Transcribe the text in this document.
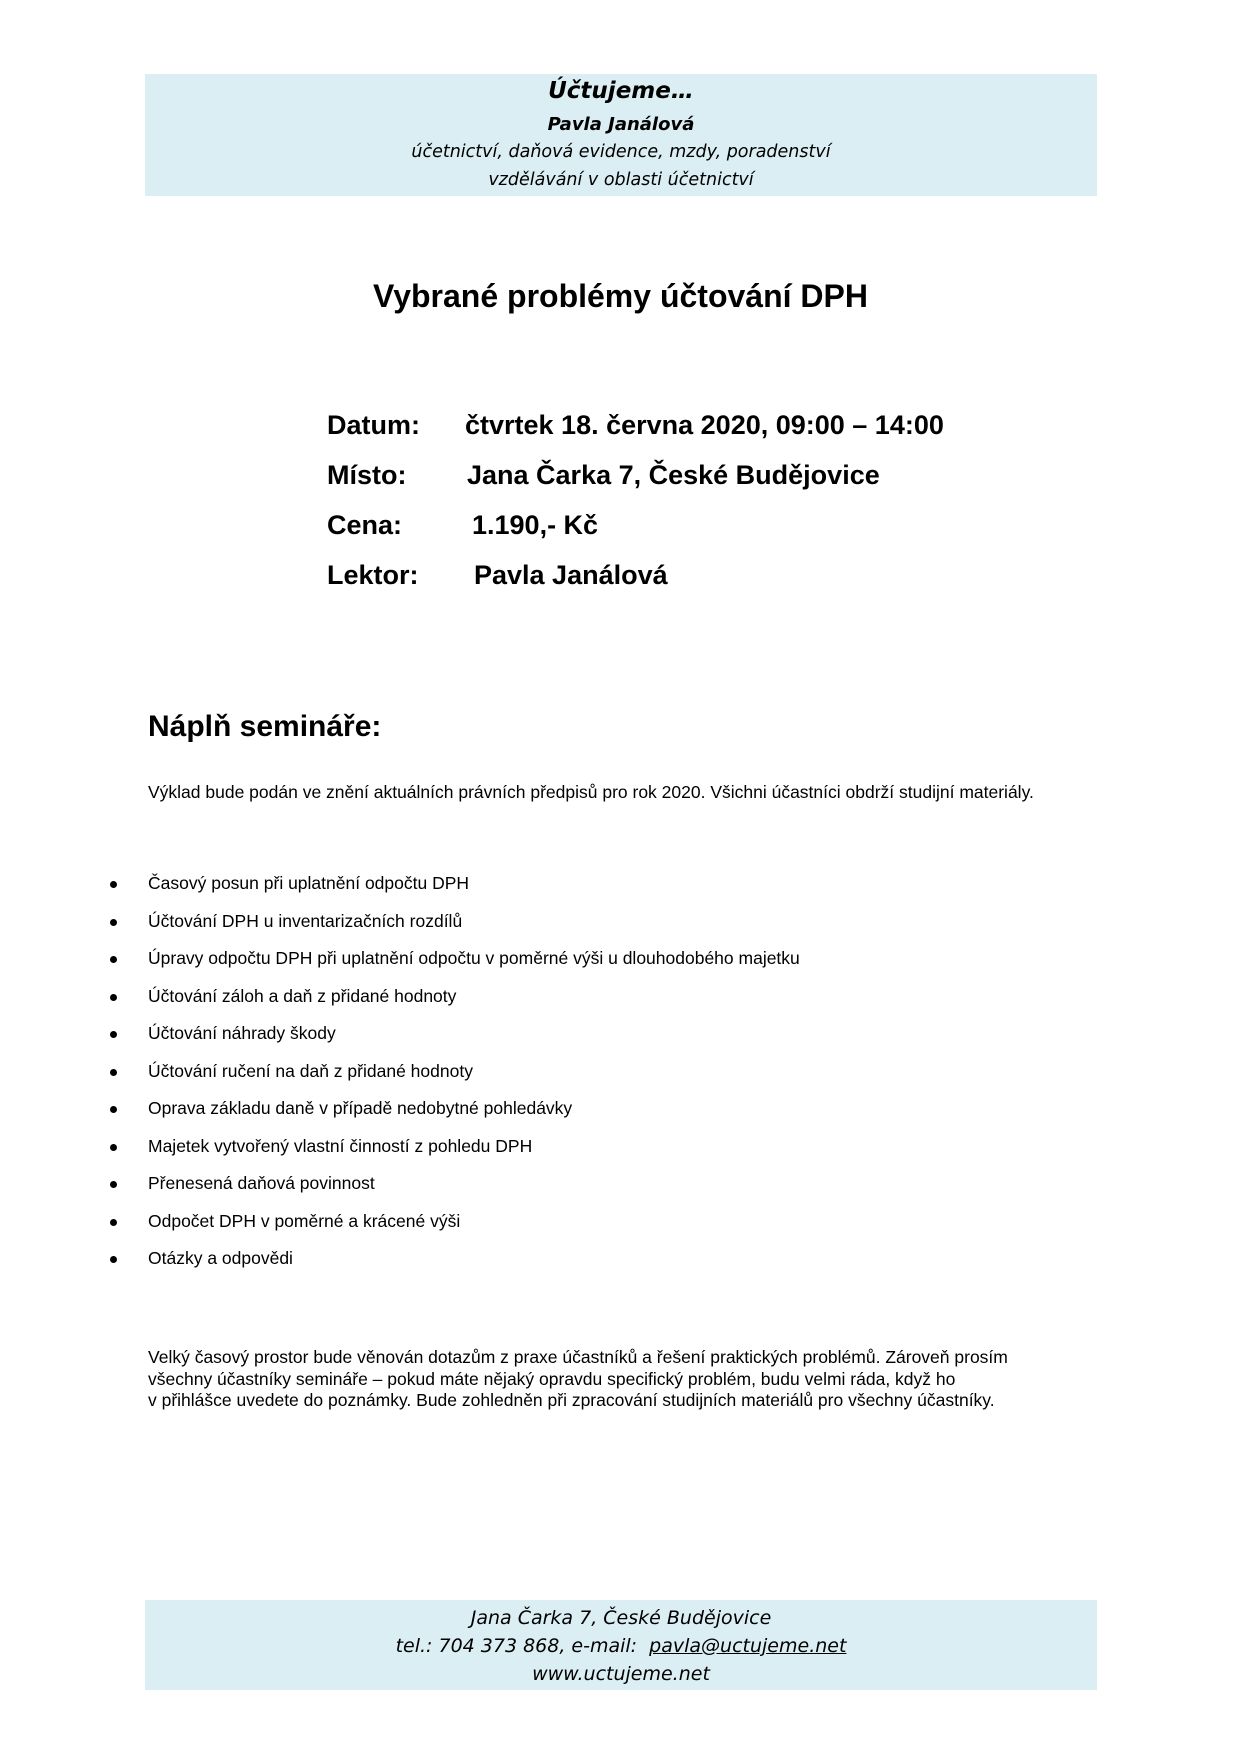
Účtujeme…
Pavla Janálová
účetnictví, daňová evidence, mzdy, poradenství
vzdělávání v oblasti účetnictví
Vybrané problémy účtování DPH
Datum: čtvrtek 18. června 2020, 09:00 – 14:00
Místo: Jana Čarka 7, České Budějovice
Cena:	1.190,- Kč
Lektor: Pavla Janálová
Náplň semináře:
Výklad bude podán ve znění aktuálních právních předpisů pro rok 2020. Všichni účastníci obdrží studijní materiály.
Časový posun při uplatnění odpočtu DPH
Účtování DPH u inventarizačních rozdílů
Úpravy odpočtu DPH při uplatnění odpočtu v poměrné výši u dlouhodobého majetku
Účtování záloh a daň z přidané hodnoty
Účtování náhrady škody
Účtování ručení na daň z přidané hodnoty
Oprava základu daně v případě nedobytné pohledávky
Majetek vytvořený vlastní činností z pohledu DPH
Přenesená daňová povinnost
Odpočet DPH v poměrné a krácené výši
Otázky a odpovědi
Velký časový prostor bude věnován dotazům z praxe účastníků a řešení praktických problémů. Zároveň prosím
všechny účastníky semináře – pokud máte nějaký opravdu specifický problém, budu velmi ráda, když ho
v přihlášce uvedete do poznámky. Bude zohledněn při zpracování studijních materiálů pro všechny účastníky.
Jana Čarka 7, České Budějovice
tel.: 704 373 868, e-mail:  pavla@uctujeme.net
www.uctujeme.net
